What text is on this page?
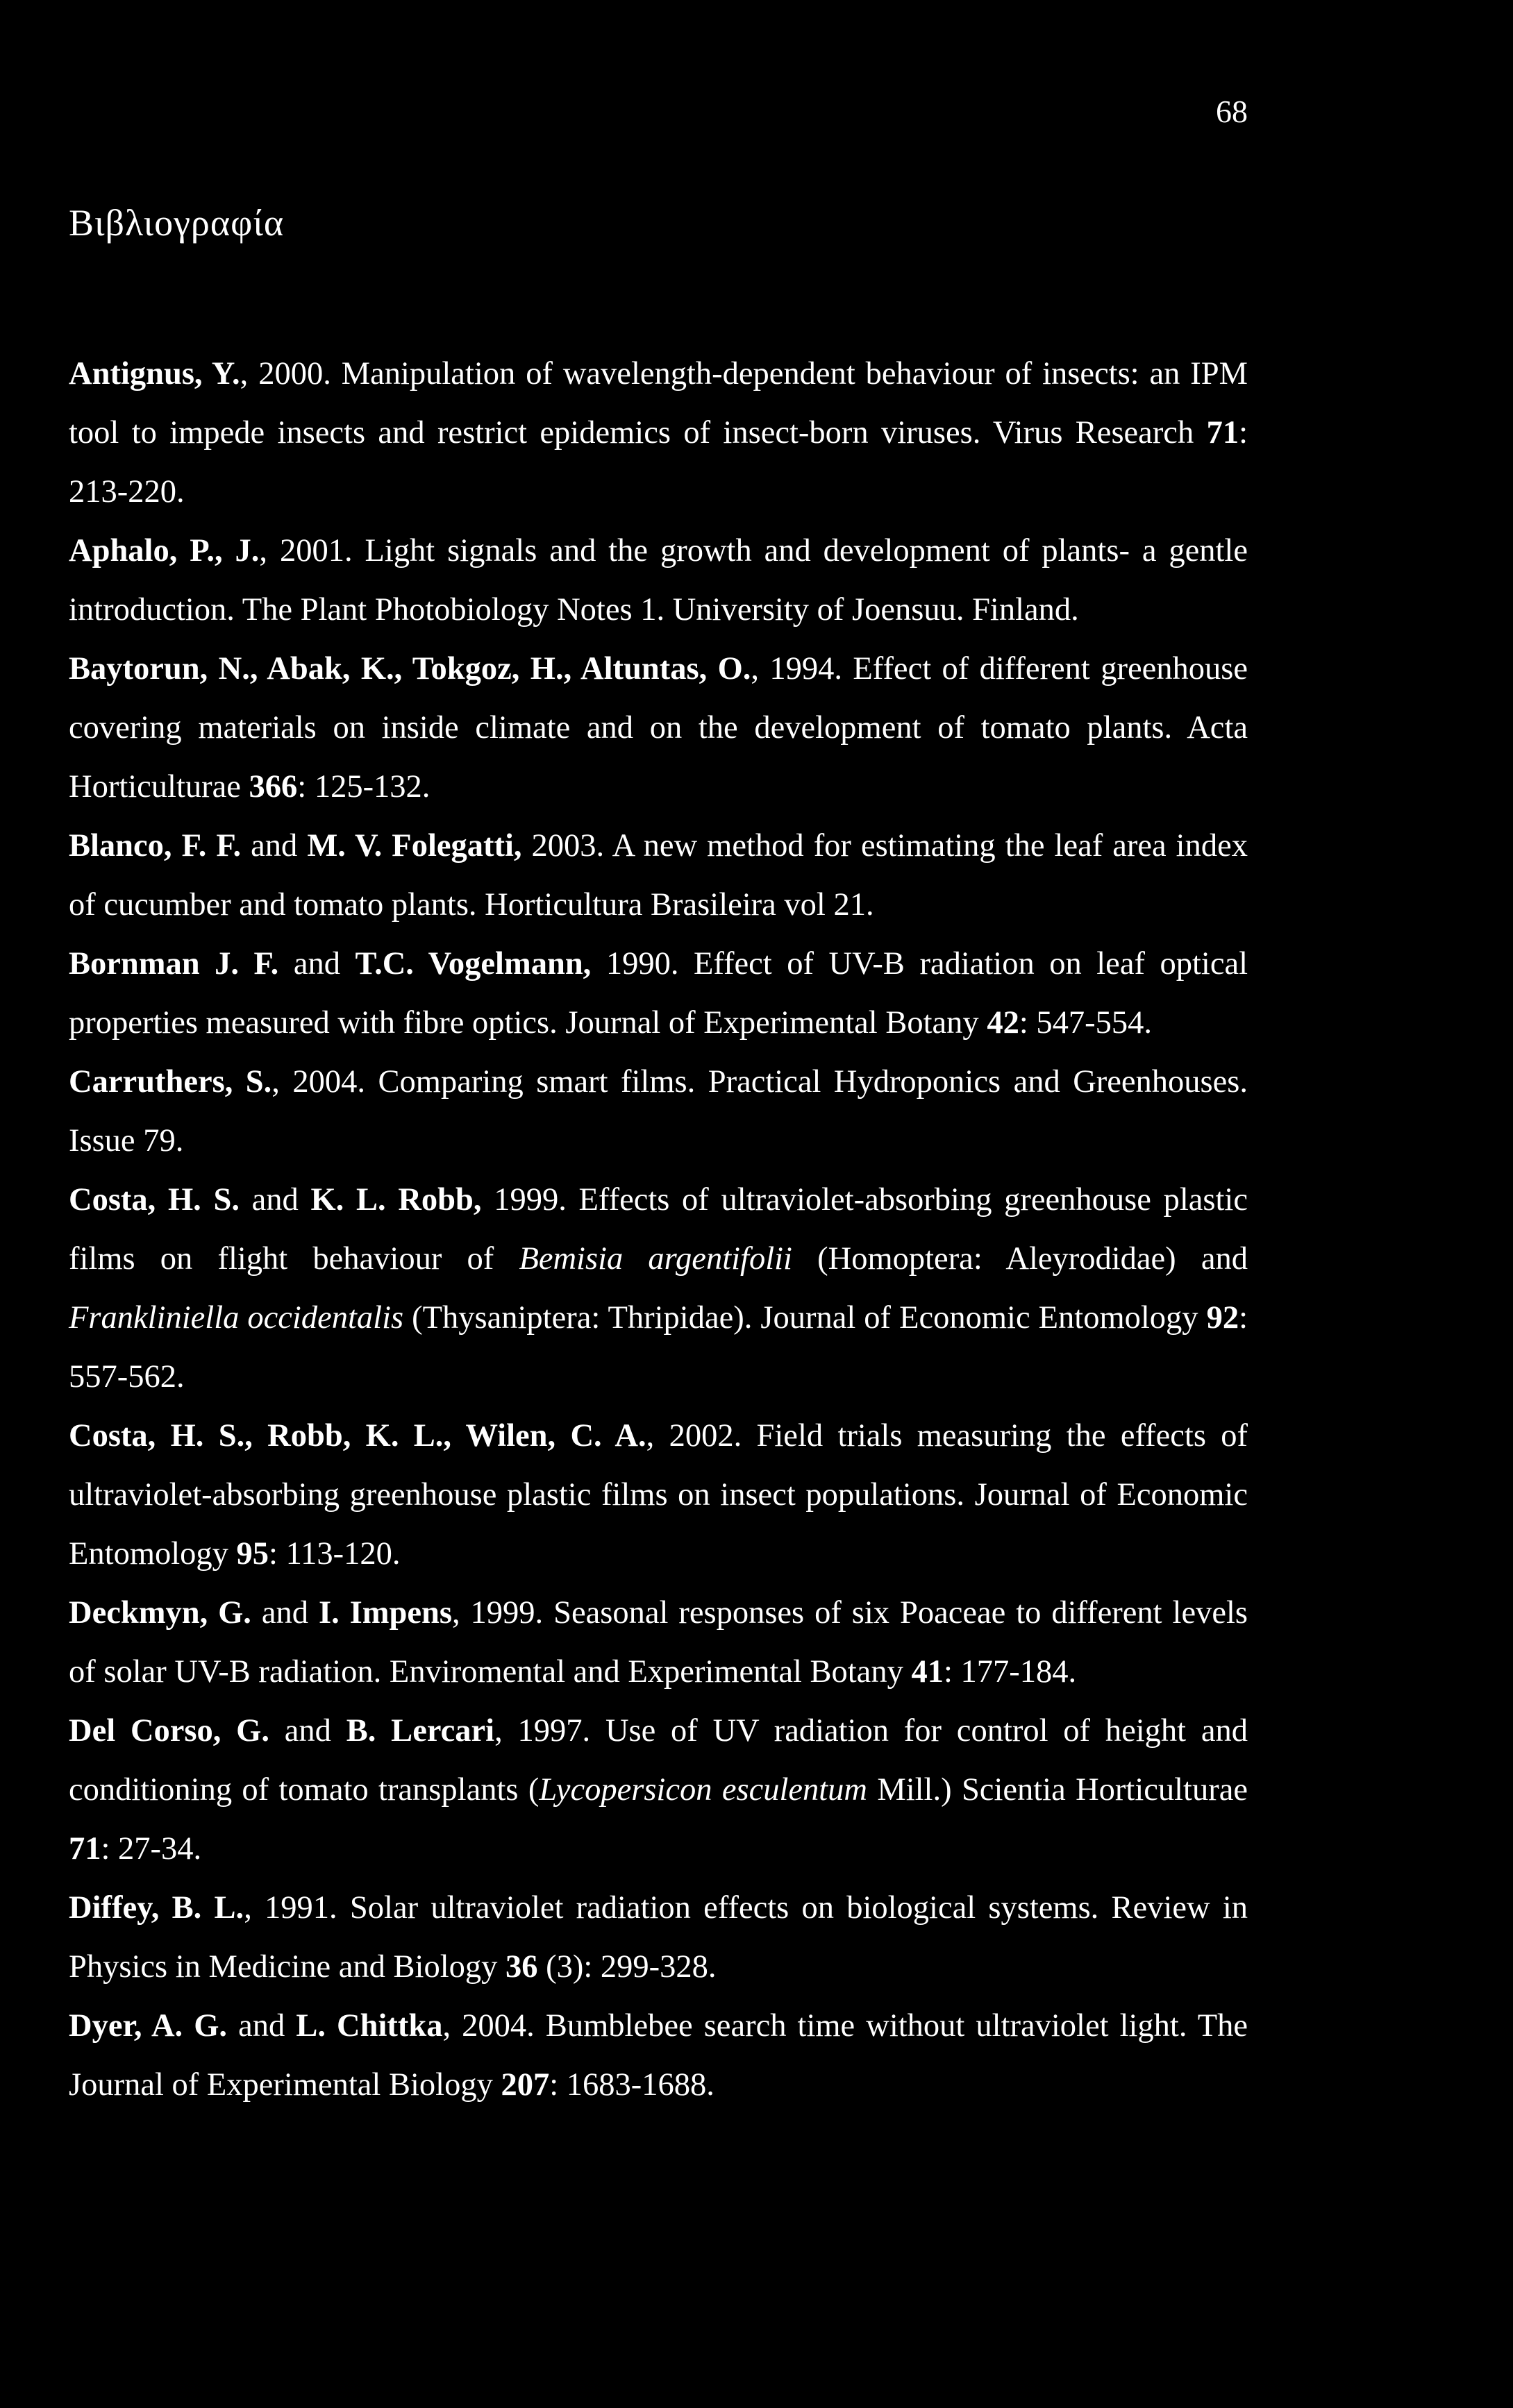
68
Βιβλιογραφία

Antignus, Y., 2000. Manipulation of wavelength-dependent behaviour of insects: an IPM tool to impede insects and restrict epidemics of insect-born viruses. Virus Research 71: 213-220.

Aphalo, P., J., 2001. Light signals and the growth and development of plants- a gentle introduction. The Plant Photobiology Notes 1. University of Joensuu. Finland.

Baytorun, N., Abak, K., Tokgoz, H., Altuntas, O., 1994. Effect of different greenhouse covering materials on inside climate and on the development of tomato plants. Acta Horticulturae 366: 125-132.

Blanco, F. F. and M. V. Folegatti, 2003. A new method for estimating the leaf area index of cucumber and tomato plants. Horticultura Brasileira vol 21.

Bornman J. F. and T.C. Vogelmann, 1990. Effect of UV-B radiation on leaf optical properties measured with fibre optics. Journal of Experimental Botany 42: 547-554.

Carruthers, S., 2004. Comparing smart films. Practical Hydroponics and Greenhouses. Issue 79.

Costa, H. S. and K. L. Robb, 1999. Effects of ultraviolet-absorbing greenhouse plastic films on flight behaviour of Bemisia argentifolii (Homoptera: Aleyrodidae) and Frankliniella occidentalis (Thysaniptera: Thripidae). Journal of Economic Entomology 92: 557-562.

Costa, H. S., Robb, K. L., Wilen, C. A., 2002. Field trials measuring the effects of ultraviolet-absorbing greenhouse plastic films on insect populations. Journal of Economic Entomology 95: 113-120.

Deckmyn, G. and I. Impens, 1999. Seasonal responses of six Poaceae to different levels of solar UV-B radiation. Enviromental and Experimental Botany 41: 177-184.

Del Corso, G. and B. Lercari, 1997. Use of UV radiation for control of height and conditioning of tomato transplants (Lycopersicon esculentum Mill.) Scientia Horticulturae 71: 27-34.

Diffey, B. L., 1991. Solar ultraviolet radiation effects on biological systems. Review in Physics in Medicine and Biology 36 (3): 299-328.

Dyer, A. G. and L. Chittka, 2004. Bumblebee search time without ultraviolet light. The Journal of Experimental Biology 207: 1683-1688.
